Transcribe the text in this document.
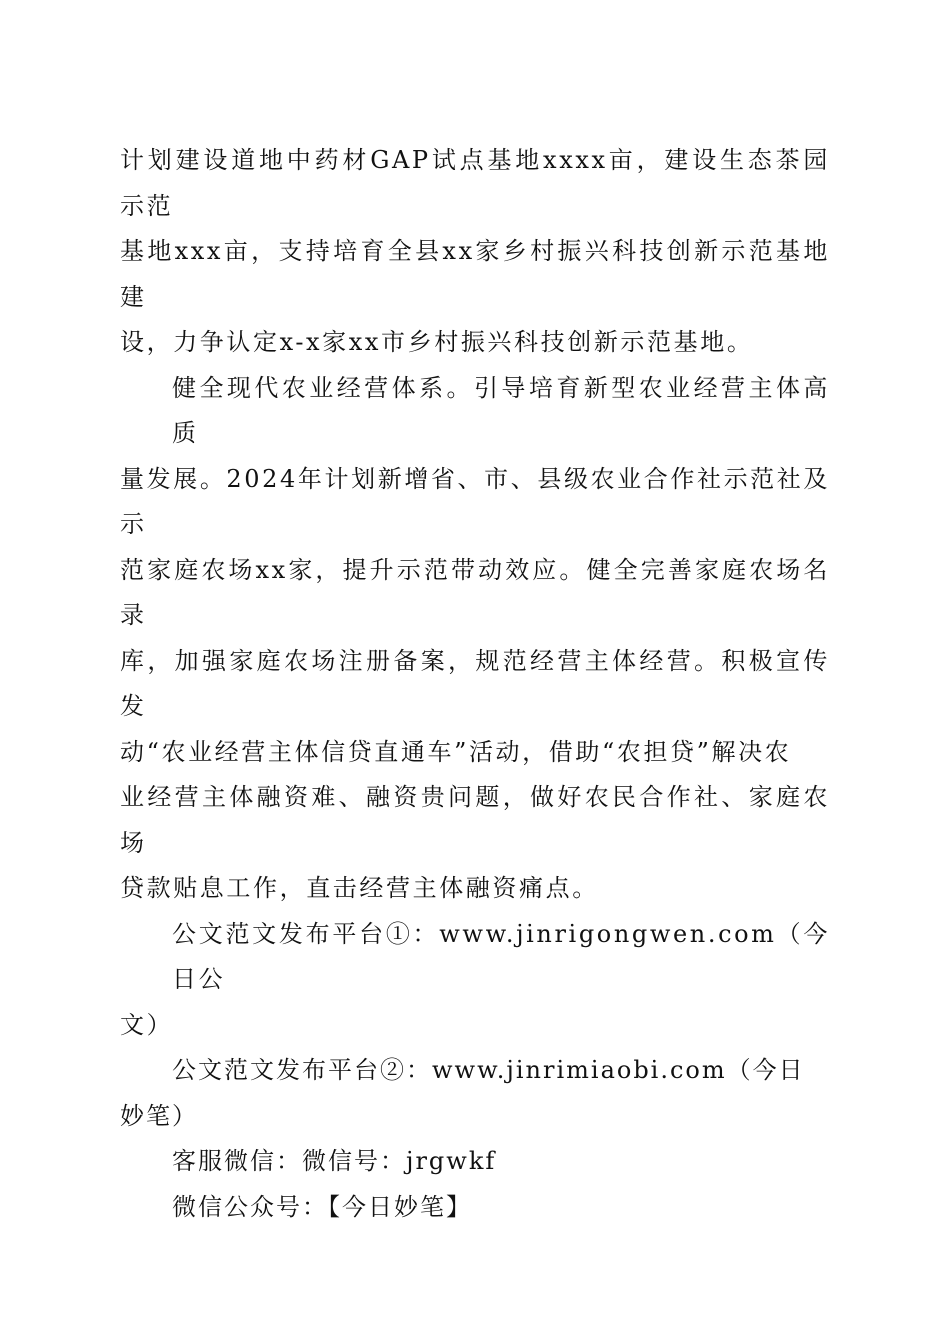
计划建设道地中药材GAP试点基地xxxx亩，建设生态茶园示范
基地xxx亩，支持培育全县xx家乡村振兴科技创新示范基地建
设，力争认定x-x家xx市乡村振兴科技创新示范基地。

健全现代农业经营体系。引导培育新型农业经营主体高质
量发展。2024年计划新增省、市、县级农业合作社示范社及示
范家庭农场xx家，提升示范带动效应。健全完善家庭农场名录
库，加强家庭农场注册备案，规范经营主体经营。积极宣传发
动“农业经营主体信贷直通车”活动，借助“农担贷”解决农
业经营主体融资难、融资贵问题，做好农民合作社、家庭农场
贷款贴息工作，直击经营主体融资痛点。

公文范文发布平台①：www.jinrigongwen.com（今日公
文）

公文范文发布平台②：www.jinrimiaobi.com（今日妙笔）

客服微信：微信号：jrgwkf

微信公众号：【今日妙笔】
